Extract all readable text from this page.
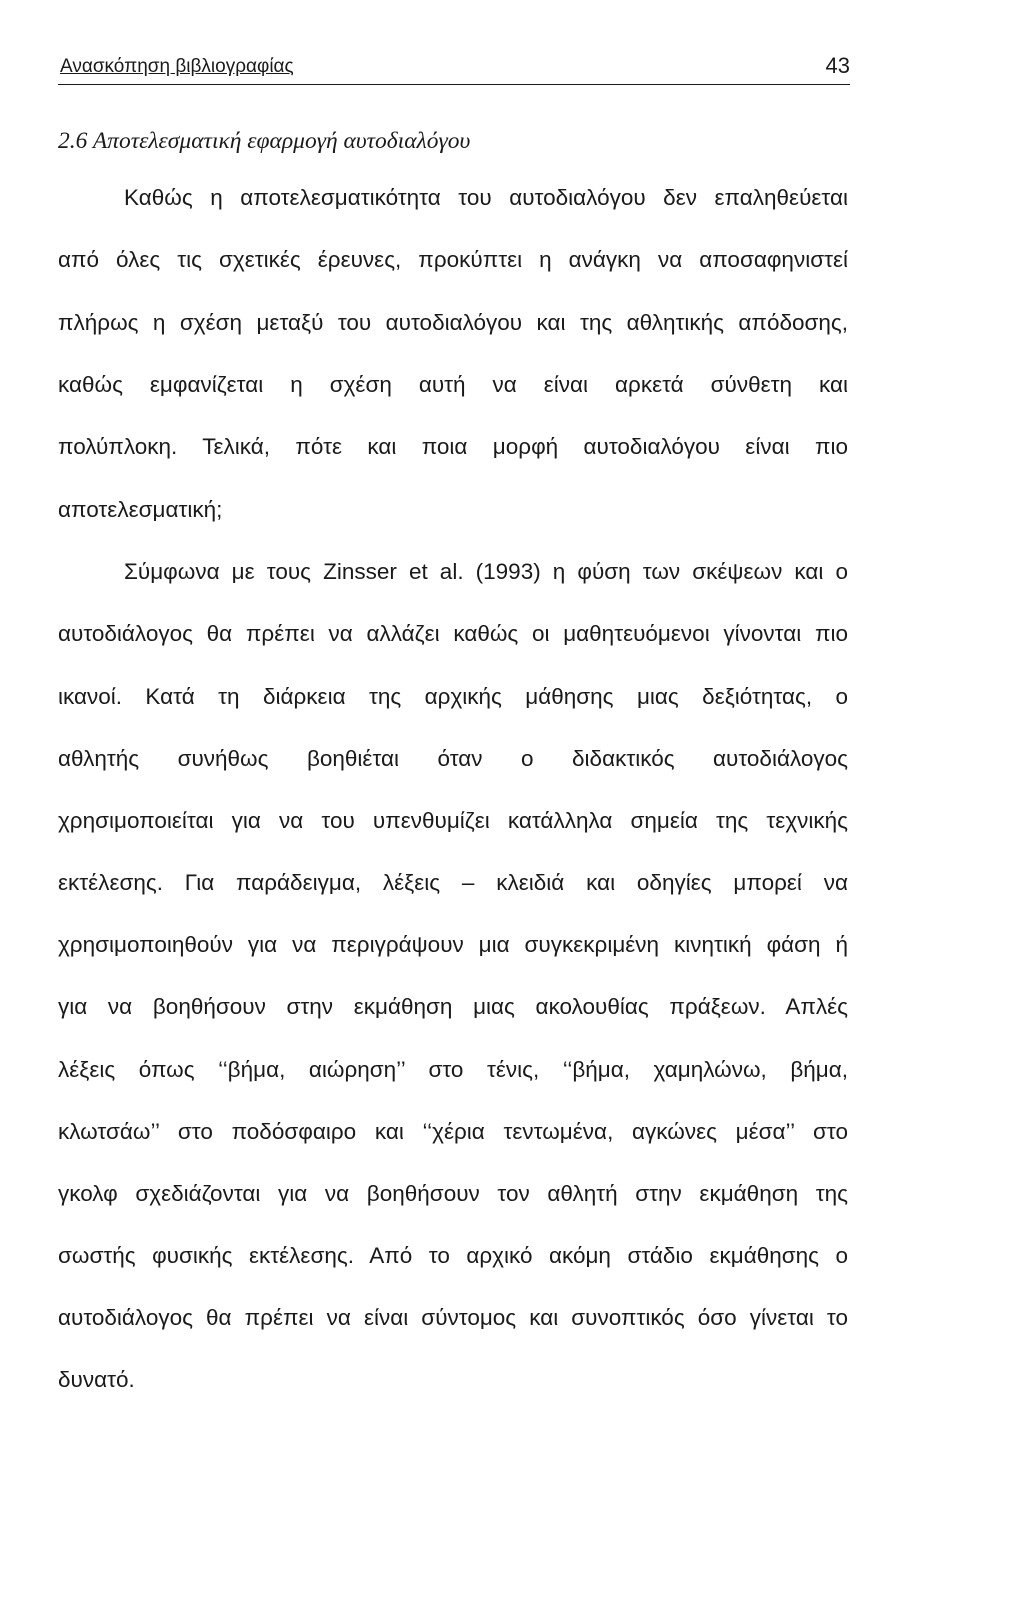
Ανασκόπηση βιβλιογραφίας	43
2.6 Αποτελεσματική εφαρμογή αυτοδιαλόγου
Καθώς η αποτελεσματικότητα του αυτοδιαλόγου δεν επαληθεύεται
από όλες τις σχετικές έρευνες, προκύπτει η ανάγκη να αποσαφηνιστεί
πλήρως η σχέση μεταξύ του αυτοδιαλόγου και της αθλητικής απόδοσης,
καθώς εμφανίζεται η σχέση αυτή να είναι αρκετά σύνθετη και
πολύπλοκη. Τελικά, πότε και ποια μορφή αυτοδιαλόγου είναι πιο
αποτελεσματική;
Σύμφωνα με τους Zinsser et al. (1993) η φύση των σκέψεων και ο
αυτοδιάλογος θα πρέπει να αλλάζει καθώς οι μαθητευόμενοι γίνονται πιο
ικανοί. Κατά τη διάρκεια της αρχικής μάθησης μιας δεξιότητας, ο
αθλητής συνήθως βοηθιέται όταν ο διδακτικός αυτοδιάλογος
χρησιμοποιείται για να του υπενθυμίζει κατάλληλα σημεία της τεχνικής
εκτέλεσης. Για παράδειγμα, λέξεις – κλειδιά και οδηγίες μπορεί να
χρησιμοποιηθούν για να περιγράψουν μια συγκεκριμένη κινητική φάση ή
για να βοηθήσουν στην εκμάθηση μιας ακολουθίας πράξεων. Απλές
λέξεις όπως ‘‘βήμα, αιώρηση’’ στο τένις, ‘‘βήμα, χαμηλώνω, βήμα,
κλωτσάω’’ στο ποδόσφαιρο και ‘‘χέρια τεντωμένα, αγκώνες μέσα’’ στο
γκολφ σχεδιάζονται για να βοηθήσουν τον αθλητή στην εκμάθηση της
σωστής φυσικής εκτέλεσης. Από το αρχικό ακόμη στάδιο εκμάθησης ο
αυτοδιάλογος θα πρέπει να είναι σύντομος και συνοπτικός όσο γίνεται το
δυνατό.
